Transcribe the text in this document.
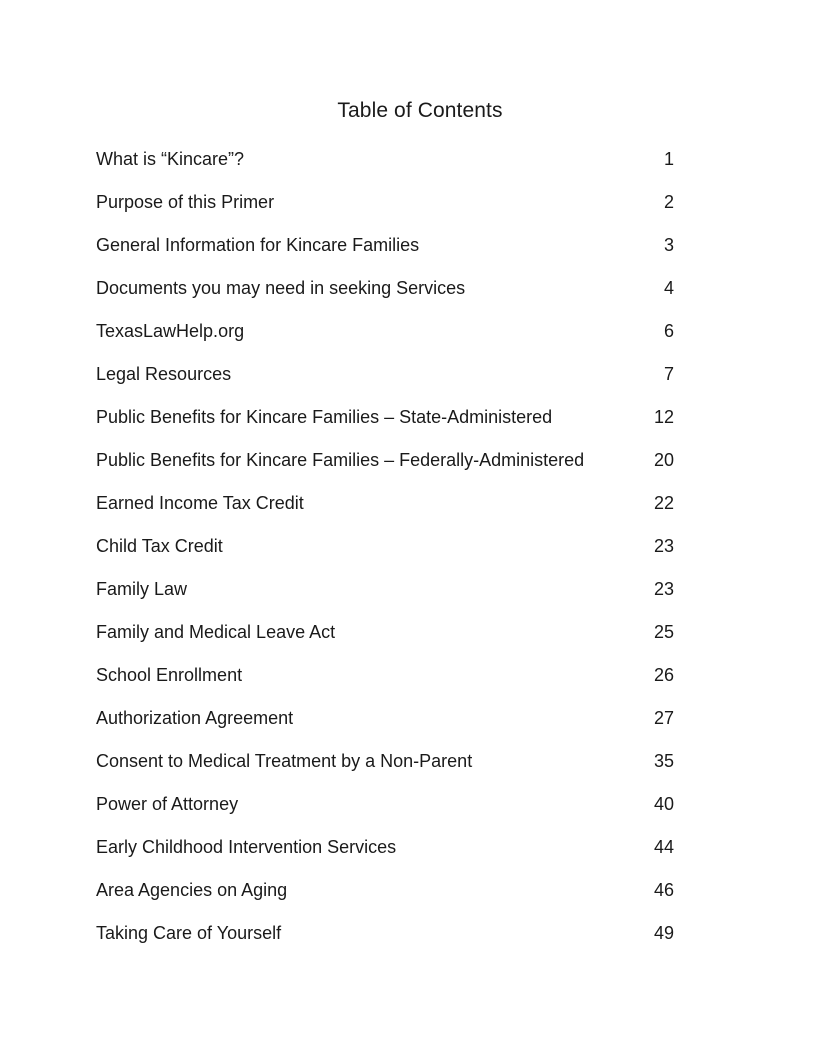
Table of Contents
What is “Kincare”?	1
Purpose of this Primer	2
General Information for Kincare Families	3
Documents you may need in seeking Services	4
TexasLawHelp.org	6
Legal Resources	7
Public Benefits for Kincare Families – State-Administered	12
Public Benefits for Kincare Families – Federally-Administered	20
Earned Income Tax Credit	22
Child Tax Credit	23
Family Law	23
Family and Medical Leave Act	25
School Enrollment	26
Authorization Agreement	27
Consent to Medical Treatment by a Non-Parent	35
Power of Attorney	40
Early Childhood Intervention Services	44
Area Agencies on Aging	46
Taking Care of Yourself	49
